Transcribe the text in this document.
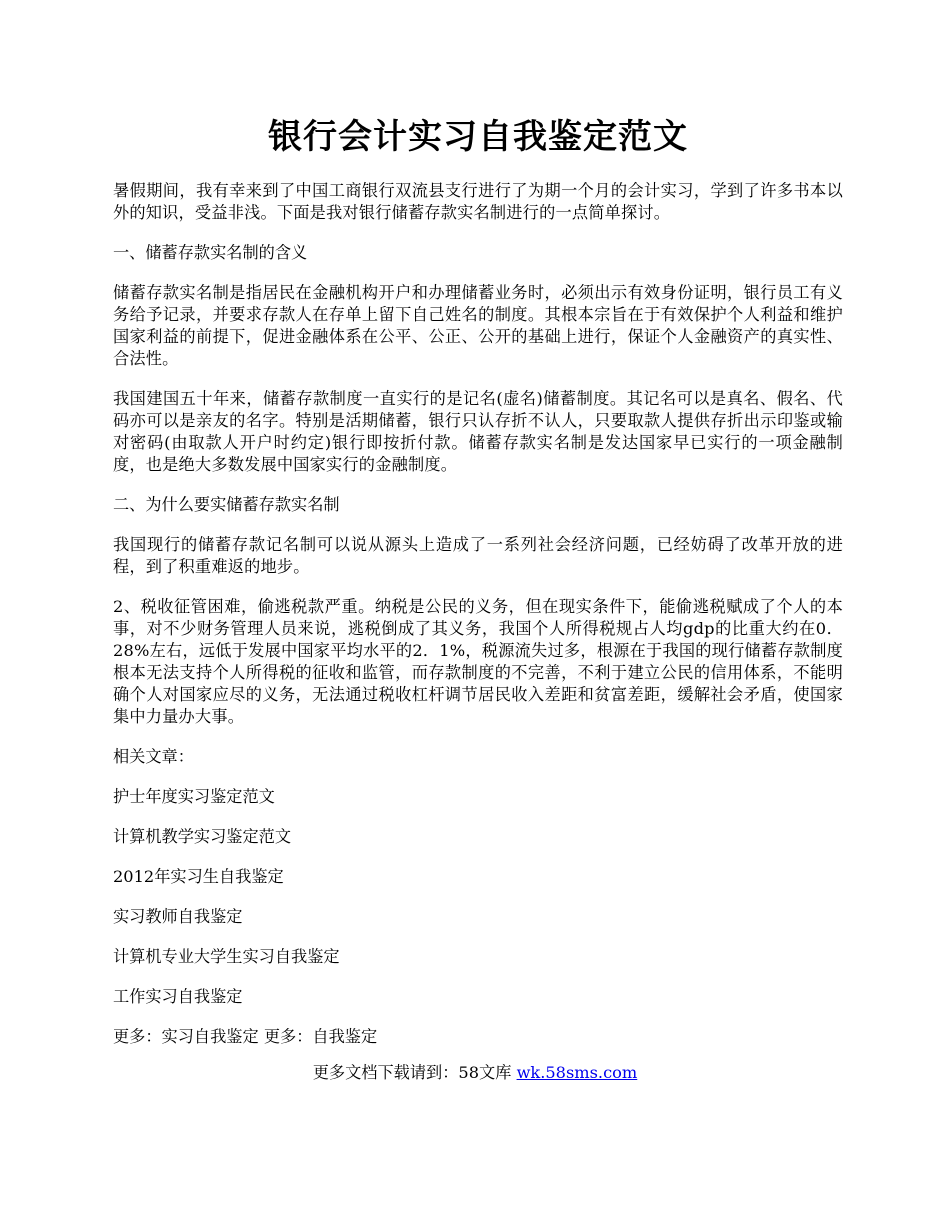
银行会计实习自我鉴定范文

暑假期间，我有幸来到了中国工商银行双流县支行进行了为期一个月的会计实习，学到了许多书本以外的知识，受益非浅。下面是我对银行储蓄存款实名制进行的一点简单探讨。

一、储蓄存款实名制的含义

储蓄存款实名制是指居民在金融机构开户和办理储蓄业务时，必须出示有效身份证明，银行员工有义务给予记录，并要求存款人在存单上留下自己姓名的制度。其根本宗旨在于有效保护个人利益和维护国家利益的前提下，促进金融体系在公平、公正、公开的基础上进行，保证个人金融资产的真实性、合法性。

我国建国五十年来，储蓄存款制度一直实行的是记名(虚名)储蓄制度。其记名可以是真名、假名、代码亦可以是亲友的名字。特别是活期储蓄，银行只认存折不认人，只要取款人提供存折出示印鉴或输对密码(由取款人开户时约定)银行即按折付款。储蓄存款实名制是发达国家早已实行的一项金融制度，也是绝大多数发展中国家实行的金融制度。

二、为什么要实储蓄存款实名制

我国现行的储蓄存款记名制可以说从源头上造成了一系列社会经济问题，已经妨碍了改革开放的进程，到了积重难返的地步。

2、税收征管困难，偷逃税款严重。纳税是公民的义务，但在现实条件下，能偷逃税赋成了个人的本事，对不少财务管理人员来说，逃税倒成了其义务，我国个人所得税规占人均gdp的比重大约在0．28%左右，远低于发展中国家平均水平的2．1%，税源流失过多，根源在于我国的现行储蓄存款制度根本无法支持个人所得税的征收和监管，而存款制度的不完善，不利于建立公民的信用体系，不能明确个人对国家应尽的义务，无法通过税收杠杆调节居民收入差距和贫富差距，缓解社会矛盾，使国家集中力量办大事。

相关文章：

护士年度实习鉴定范文

计算机教学实习鉴定范文

2012年实习生自我鉴定

实习教师自我鉴定

计算机专业大学生实习自我鉴定

工作实习自我鉴定

更多：实习自我鉴定 更多：自我鉴定

更多文档下载请到：58文库 wk.58sms.com
